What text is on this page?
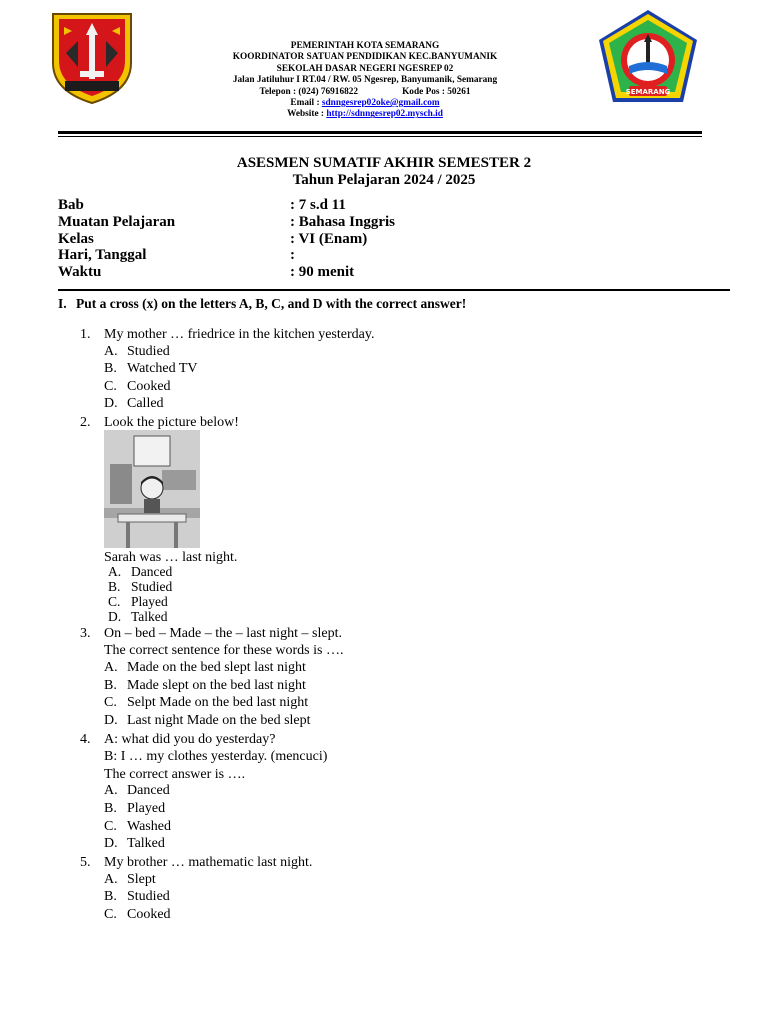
PEMERINTAH KOTA SEMARANG
KOORDINATOR SATUAN PENDIDIKAN KEC.BANYUMANIK
SEKOLAH DASAR NEGERI NGESREP 02
Jalan Jatiluhur I RT.04 / RW. 05 Ngesrep, Banyumanik, Semarang
Telepon : (024) 76916822	Kode Pos : 50261
Email : sdnngesrep02oke@gmail.com
Website : http://sdnngesrep02.mysch.id
SEMARANG
ASESMEN SUMATIF AKHIR SEMESTER 2
Tahun Pelajaran 2024 / 2025
Bab	: 7 s.d 11
Muatan Pelajaran	: Bahasa Inggris
Kelas	: VI (Enam)
Hari, Tanggal	:
Waktu	: 90 menit
I. Put a cross (x) on the letters A, B, C, and D with the correct answer!
1. My mother … friedrice in the kitchen yesterday.
A. Studied
B. Watched TV
C. Cooked
D. Called
2. Look the picture below!
Sarah was … last night.
A. Danced
B. Studied
C. Played
D. Talked
3. On – bed – Made – the – last night – slept.
The correct sentence for these words is ….
A. Made on the bed slept last night
B. Made slept on the bed last night
C. Selpt Made on the bed last night
D. Last night Made on the bed slept
4. A: what did you do yesterday?
B: I … my clothes yesterday. (mencuci)
The correct answer is ….
A. Danced
B. Played
C. Washed
D. Talked
5. My brother … mathematic last night.
A. Slept
B. Studied
C. Cooked
